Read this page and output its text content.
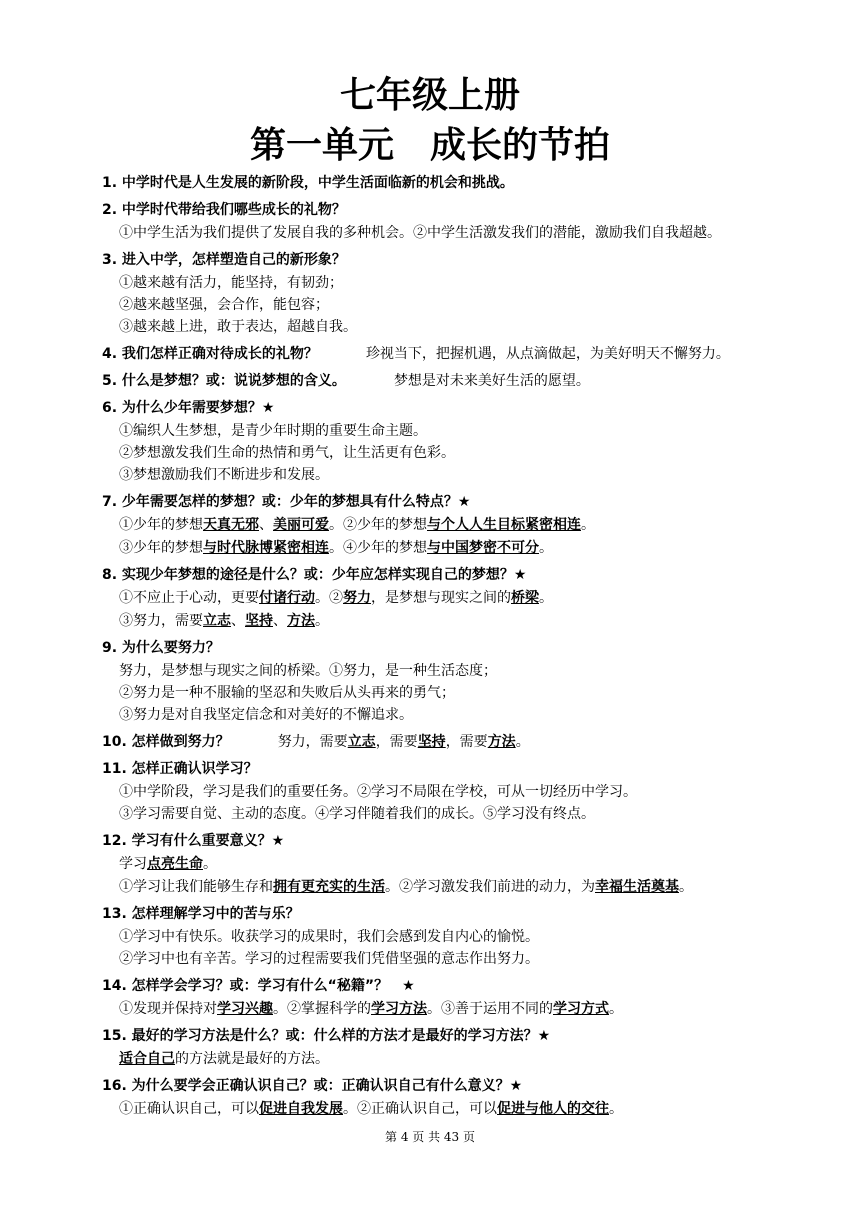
七年级上册
第一单元　成长的节拍
1. 中学时代是人生发展的新阶段，中学生活面临新的机会和挑战。
2. 中学时代带给我们哪些成长的礼物？
①中学生活为我们提供了发展自我的多种机会。②中学生活激发我们的潜能，激励我们自我超越。
3. 进入中学，怎样塑造自己的新形象？
①越来越有活力，能坚持，有韧劲；
②越来越坚强，会合作，能包容；
③越来越上进，敢于表达，超越自我。
4. 我们怎样正确对待成长的礼物？	珍视当下，把握机遇，从点滴做起，为美好明天不懈努力。
5. 什么是梦想？或：说说梦想的含义。	梦想是对未来美好生活的愿望。
6. 为什么少年需要梦想？★
①编织人生梦想，是青少年时期的重要生命主题。
②梦想激发我们生命的热情和勇气，让生活更有色彩。
③梦想激励我们不断进步和发展。
7. 少年需要怎样的梦想？或：少年的梦想具有什么特点？★
①少年的梦想天真无邪、美丽可爱。②少年的梦想与个人人生目标紧密相连。
③少年的梦想与时代脉博紧密相连。④少年的梦想与中国梦密不可分。
8. 实现少年梦想的途径是什么？或：少年应怎样实现自己的梦想？★
①不应止于心动，更要付诸行动。②努力，是梦想与现实之间的桥梁。
③努力，需要立志、坚持、方法。
9. 为什么要努力？
努力，是梦想与现实之间的桥梁。①努力，是一种生活态度；
②努力是一种不服输的坚忍和失败后从头再来的勇气；
③努力是对自我坚定信念和对美好的不懈追求。
10. 怎样做到努力？	努力，需要立志，需要坚持，需要方法。
11. 怎样正确认识学习？
①中学阶段，学习是我们的重要任务。②学习不局限在学校，可从一切经历中学习。
③学习需要自觉、主动的态度。④学习伴随着我们的成长。⑤学习没有终点。
12. 学习有什么重要意义？★
学习点亮生命。
①学习让我们能够生存和拥有更充实的生活。②学习激发我们前进的动力，为幸福生活奠基。
13. 怎样理解学习中的苦与乐？
①学习中有快乐。收获学习的成果时，我们会感到发自内心的愉悦。
②学习中也有辛苦。学习的过程需要我们凭借坚强的意志作出努力。
14. 怎样学会学习？或：学习有什么“秘籍”？　★
①发现并保持对学习兴趣。②掌握科学的学习方法。③善于运用不同的学习方式。
15. 最好的学习方法是什么？或：什么样的方法才是最好的学习方法？★
适合自己的方法就是最好的方法。
16. 为什么要学会正确认识自己？或：正确认识自己有什么意义？★
①正确认识自己，可以促进自我发展。②正确认识自己，可以促进与他人的交往。
第 4 页 共 43 页
